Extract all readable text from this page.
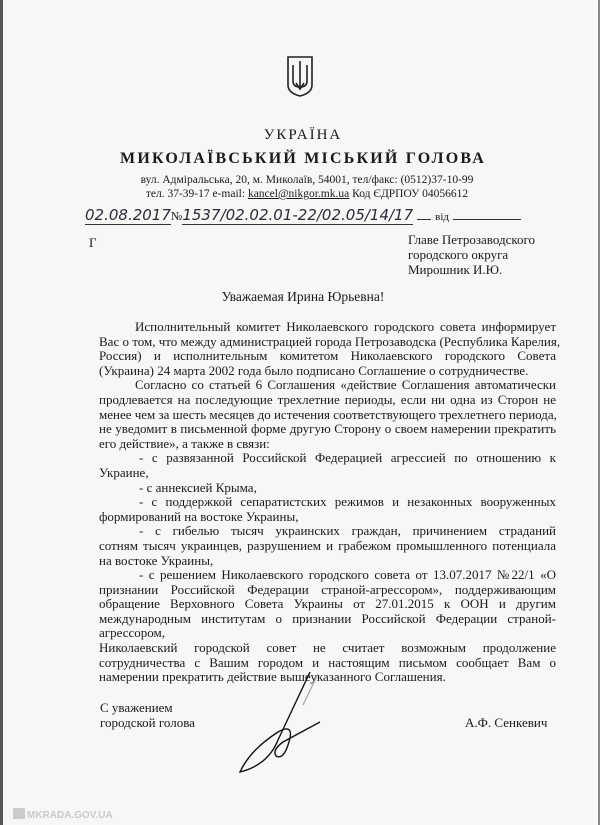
УКРАЇНА
МИКОЛАЇВСЬКИЙ МІСЬКИЙ ГОЛОВА
вул. Адміральська, 20, м. Миколаїв, 54001, тел/факс: (0512)37-10-99
тел. 37-39-17 e-mail: kancel@nikgor.mk.ua Код ЄДРПОУ 04056612
02.08.2017№1537/02.02.01-22/02.05/14/17 від
Г	Главе Петрозаводского
городского округа
Мирошник И.Ю.
Уважаемая Ирина Юрьевна!
Исполнительный комитет Николаевского городского совета информирует
Вас о том, что между администрацией города Петрозаводска (Республика Карелия,
Россия) и исполнительным комитетом Николаевского городского Совета
(Украина) 24 марта 2002 года было подписано Соглашение о сотрудничестве.
Согласно со статьей 6 Соглашения «действие Соглашения автоматически
продлевается на последующие трехлетние периоды, если ни одна из Сторон не
менее чем за шесть месяцев до истечения соответствующего трехлетнего периода,
не уведомит в письменной форме другую Сторону о своем намерении прекратить
его действие», а также в связи:
- с развязанной Российской Федерацией агрессией по отношению к
Украине,
- с аннексией Крыма,
- с поддержкой сепаратистских режимов и незаконных вооруженных
формирований на востоке Украины,
- с гибелью тысяч украинских граждан, причинением страданий
сотням тысяч украинцев, разрушением и грабежом промышленного потенциала
на востоке Украины,
- с решением Николаевского городского совета от 13.07.2017 №22/1 «О
признании Российской Федерации страной-агрессором», поддерживающим
обращение Верховного Совета Украины от 27.01.2015 к ООН и другим
международным институтам о признании Российской Федерации страной-
агрессором,
Николаевский городской совет не считает возможным продолжение
сотрудничества с Вашим городом и настоящим письмом сообщает Вам о
намерении прекратить действие вышеуказанного Соглашения.
С уважением
городской голова	А.Ф. Сенкевич
MKRADA.GOV.UA
